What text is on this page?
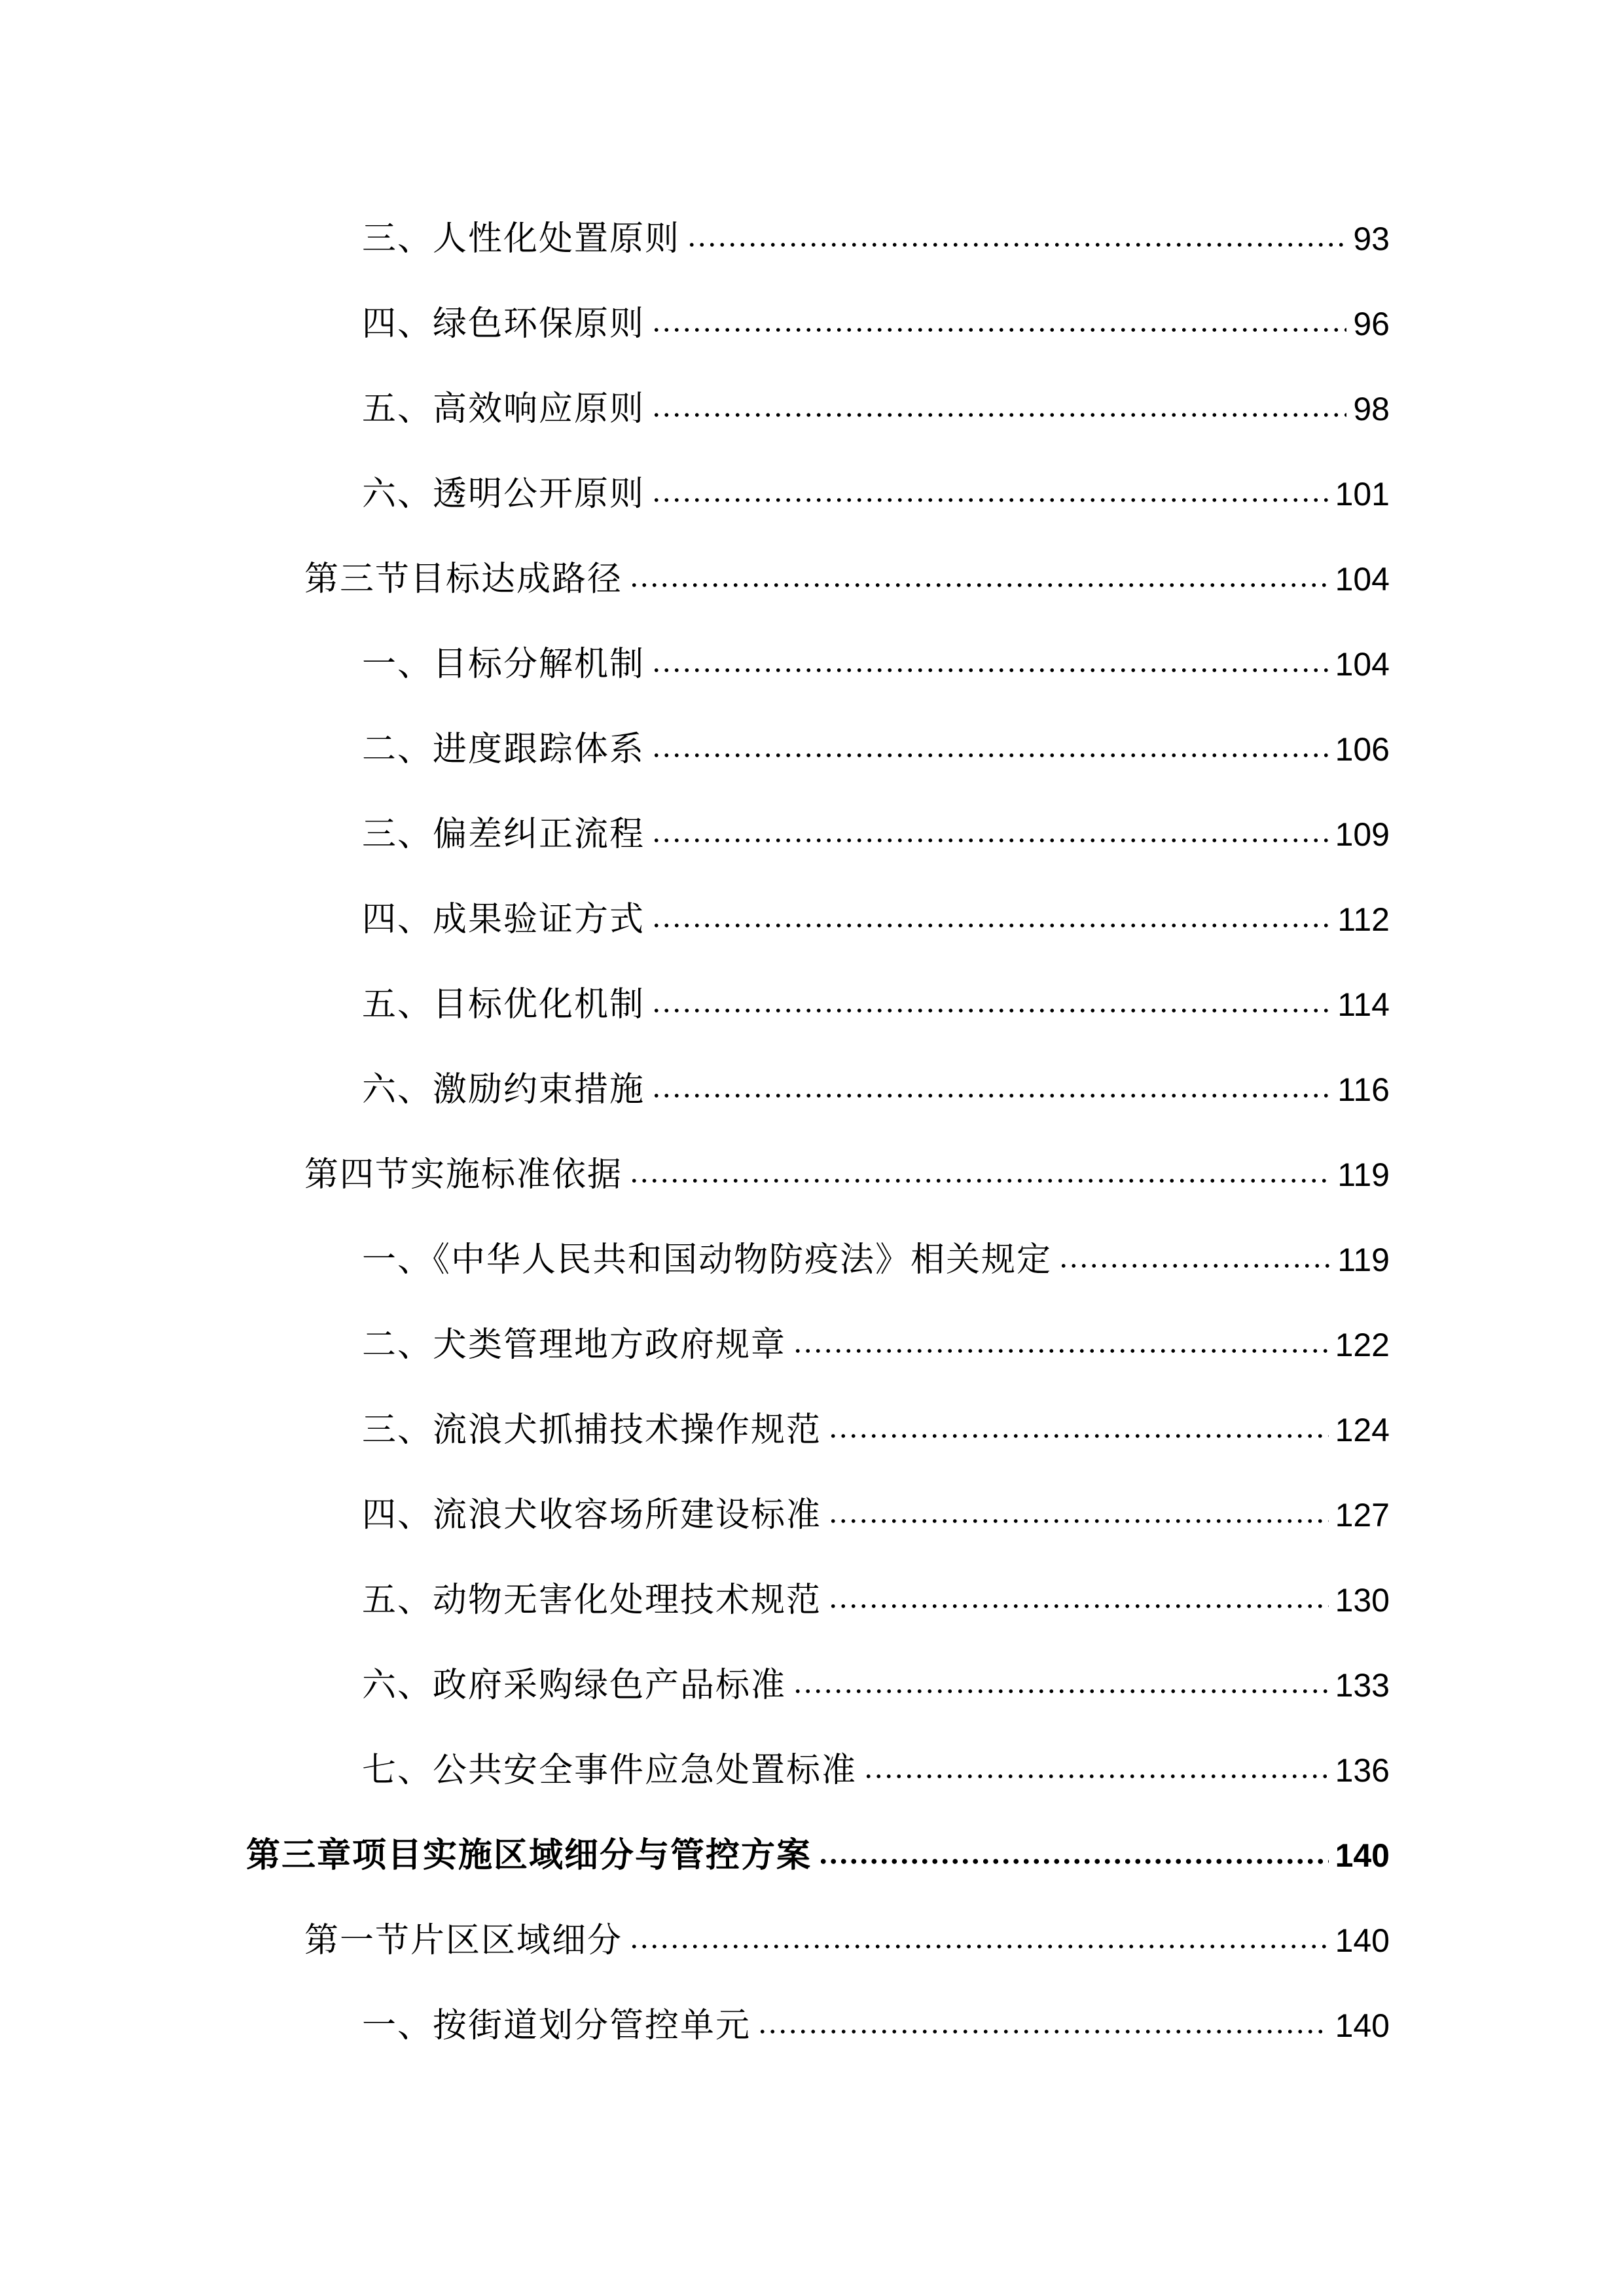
三、人性化处置原则	93
四、绿色环保原则	96
五、高效响应原则	98
六、透明公开原则	101
第三节目标达成路径	104
一、目标分解机制	104
二、进度跟踪体系	106
三、偏差纠正流程	109
四、成果验证方式	112
五、目标优化机制	114
六、激励约束措施	116
第四节实施标准依据	119
一、《中华人民共和国动物防疫法》相关规定	119
二、犬类管理地方政府规章	122
三、流浪犬抓捕技术操作规范	124
四、流浪犬收容场所建设标准	127
五、动物无害化处理技术规范	130
六、政府采购绿色产品标准	133
七、公共安全事件应急处置标准	136
第三章项目实施区域细分与管控方案	140
第一节片区区域细分	140
一、按街道划分管控单元	140
